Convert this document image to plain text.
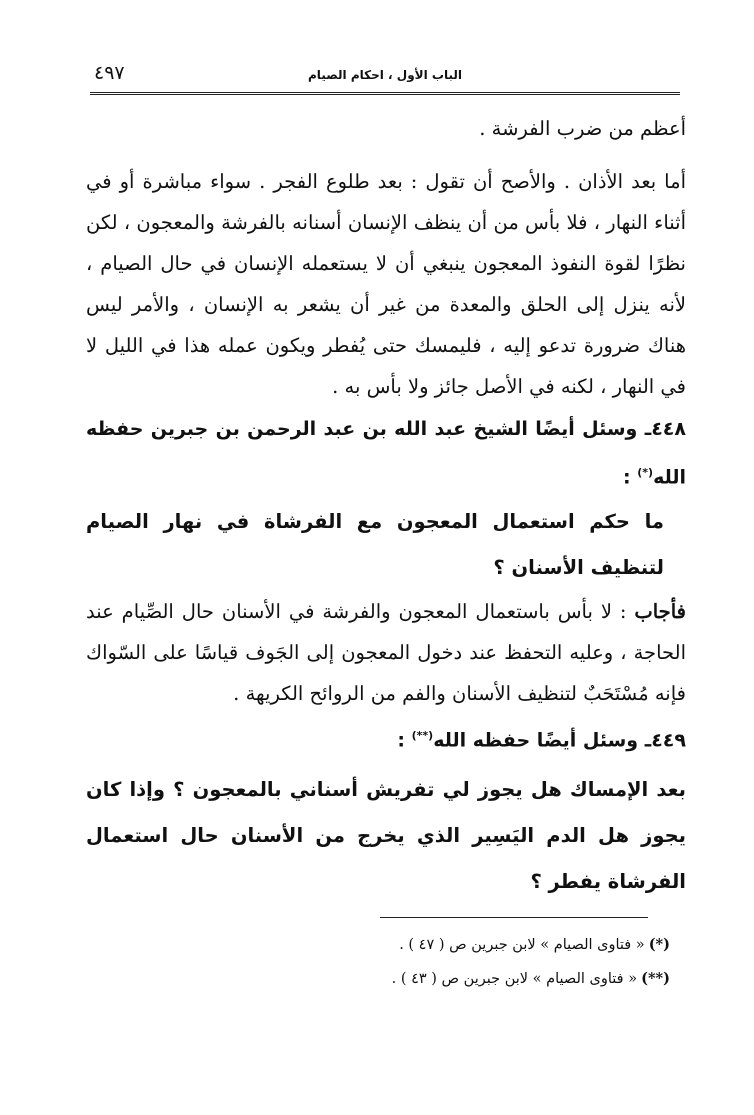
الباب الأول ، احكام الصيام
٤٩٧

أعظم من ضرب الفرشة .

أما بعد الأذان . والأصح أن تقول : بعد طلوع الفجر . سواء مباشرة أو في أثناء النهار ، فلا بأس من أن ينظف الإنسان أسنانه بالفرشة والمعجون ، لكن نظرًا لقوة النفوذ المعجون ينبغي أن لا يستعمله الإنسان في حال الصيام ، لأنه ينزل إلى الحلق والمعدة من غير أن يشعر به الإنسان ، والأمر ليس هناك ضرورة تدعو إليه ، فليمسك حتى يُفطر ويكون عمله هذا في الليل لا في النهار ، لكنه في الأصل جائز ولا بأس به .

٤٤٨ـ وسئل أيضًا الشيخ عبد الله بن عبد الرحمن بن جبرين حفظه الله(*) :

ما حكم استعمال المعجون مع الفرشاة في نهار الصيام لتنظيف الأسنان ؟

فأجاب : لا بأس باستعمال المعجون والفرشة في الأسنان حال الصِّيام عند الحاجة ، وعليه التحفظ عند دخول المعجون إلى الجَوف قياسًا على السّواك فإنه مُسْتَحَبٌ لتنظيف الأسنان والفم من الروائح الكريهة .

٤٤٩ـ وسئل أيضًا حفظه الله(**) :

بعد الإمساك هل يجوز لي تفريش أسناني بالمعجون ؟ وإذا كان يجوز هل الدم اليَسِير الذي يخرج من الأسنان حال استعمال الفرشاة يفطر ؟

(*)« فتاوى الصيام » لابن جبرين ص ( ٤٧ ) .

(**)« فتاوى الصيام » لابن جبرين ص ( ٤٣ ) .
